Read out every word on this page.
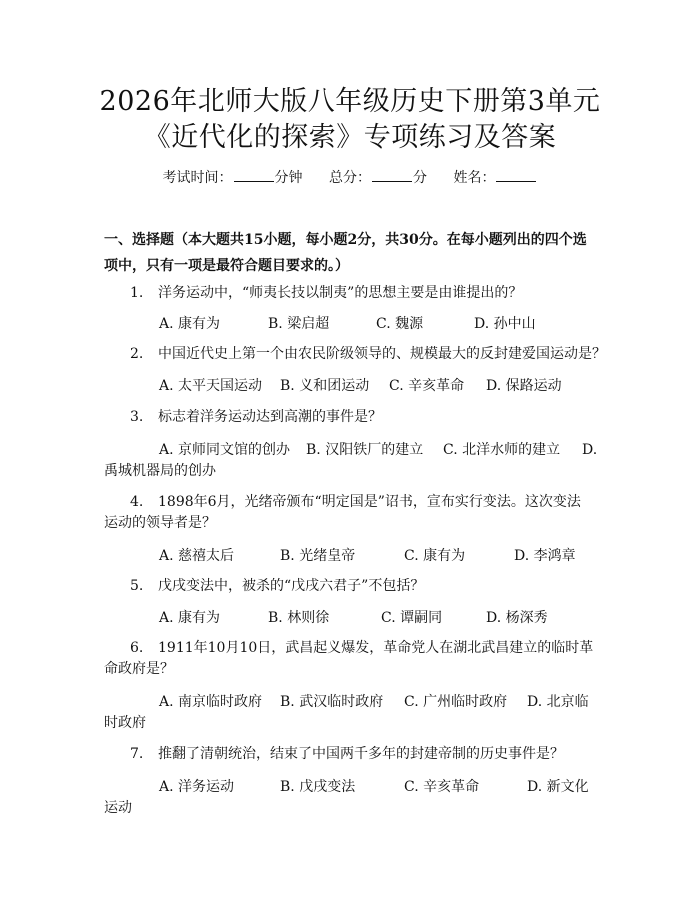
2026年北师大版八年级历史下册第3单元
《近代化的探索》专项练习及答案
考试时间：	分钟 总分：	分 姓名：
一、选择题（本大题共15小题，每小题2分，共30分。在每小题列出的四个选
项中，只有一项是最符合题目要求的。）
1. 洋务运动中，“师夷长技以制夷”的思想主要是由谁提出的？
A. 康有为	B. 梁启超	C. 魏源	D. 孙中山
2. 中国近代史上第一个由农民阶级领导的、规模最大的反封建爱国运动是？
A. 太平天国运动 B. 义和团运动 C. 辛亥革命 D. 保路运动
3. 标志着洋务运动达到高潮的事件是？
A. 京师同文馆的创办 B. 汉阳铁厂的建立 C. 北洋水师的建立 D.
禹城机器局的创办
4. 1898年6月，光绪帝颁布“明定国是”诏书，宣布实行变法。这次变法
运动的领导者是？
A. 慈禧太后	B. 光绪皇帝	C. 康有为	D. 李鸿章
5. 戊戌变法中，被杀的“戊戌六君子”不包括？
A. 康有为	B. 林则徐	C. 谭嗣同	D. 杨深秀
6. 1911年10月10日，武昌起义爆发，革命党人在湖北武昌建立的临时革
命政府是？
A. 南京临时政府 B. 武汉临时政府 C. 广州临时政府 D. 北京临
时政府
7. 推翻了清朝统治，结束了中国两千多年的封建帝制的历史事件是？
A. 洋务运动	B. 戊戌变法	C. 辛亥革命	D. 新文化
运动
